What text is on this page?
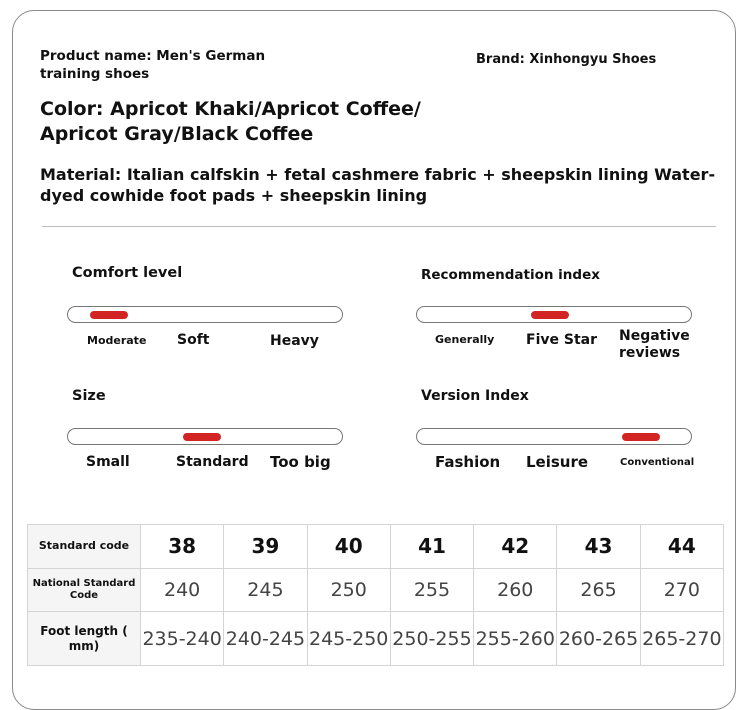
Product name: Men's German training shoes
Brand: Xinhongyu Shoes
Color: Apricot Khaki/Apricot Coffee/ Apricot Gray/Black Coffee
Material: Italian calfskin + fetal cashmere fabric + sheepskin lining Water-dyed cowhide foot pads + sheepskin lining
Comfort level
Moderate Soft	Heavy
Recommendation index
Generally Five Star Negative reviews
Size
Small	Standard Too big
Version Index
Fashion Leisure	Conventional
Standard code	38	39	40	41	42	43	44
National Standard Code	240	245	250	255	260	265	270
Foot length ( mm)	235-240	240-245	245-250	250-255	255-260	260-265	265-270
